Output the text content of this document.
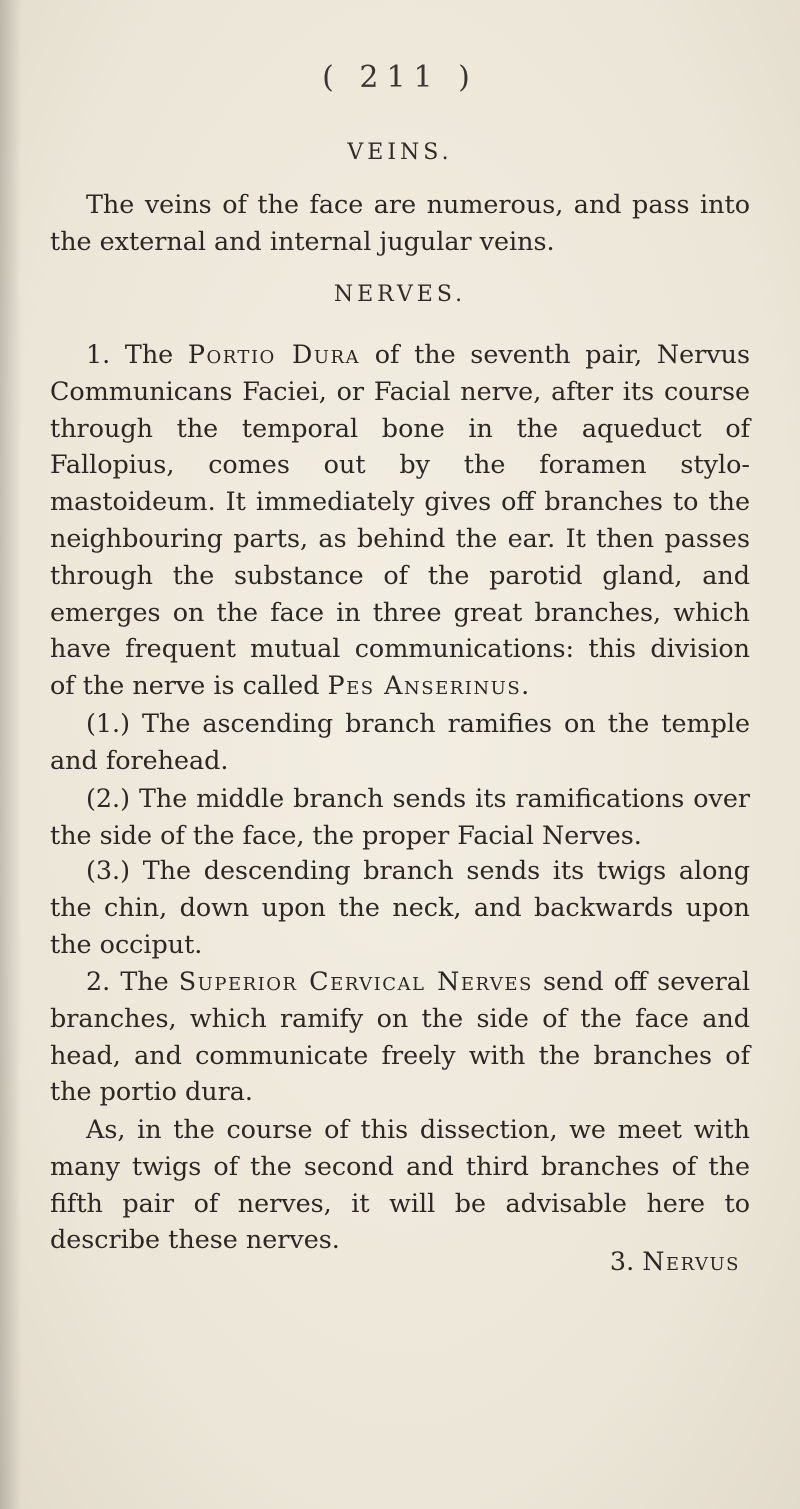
( 211 )
VEINS.

The veins of the face are numerous, and pass into the external and internal jugular veins.

NERVES.

1. The Portio Dura of the seventh pair, Nervus Communicans Faciei, or Facial nerve, after its course through the temporal bone in the aqueduct of Fallopius, comes out by the foramen stylo-mastoideum. It immediately gives off branches to the neighbouring parts, as behind the ear. It then passes through the substance of the parotid gland, and emerges on the face in three great branches, which have frequent mutual communications: this division of the nerve is called Pes Anserinus.

(1.) The ascending branch ramifies on the temple and forehead.

(2.) The middle branch sends its ramifications over the side of the face, the proper Facial Nerves.

(3.) The descending branch sends its twigs along the chin, down upon the neck, and backwards upon the occiput.

2. The Superior Cervical Nerves send off several branches, which ramify on the side of the face and head, and communicate freely with the branches of the portio dura.

As, in the course of this dissection, we meet with many twigs of the second and third branches of the fifth pair of nerves, it will be advisable here to describe these nerves.

3. Nervus
